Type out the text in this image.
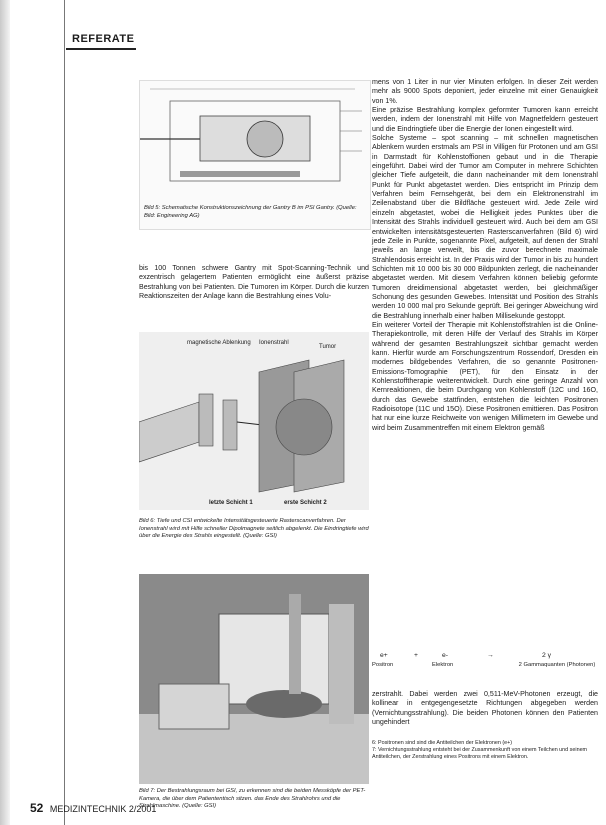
REFERATE
Bild 5: Schematische Konstruktionszeichnung der Gantry B im PSI Gantry. (Quelle: Bild: Engineering AG)

bis 100 Tonnen schwere Gantry mit Spot-Scanning-Technik und exzentrisch gelagertem Patienten ermöglicht eine äußerst präzise Bestrahlung von bei Patienten. Die Tumoren im Körper. Durch die kurzen Reaktionszeiten der Anlage kann die Bestrahlung eines Volu-

magnetische Ablenkung Ionenstrahl
Tumor
letzte Schicht 1	erste Schicht 2
Bild 6: Tiefe und CSI entwickelte Intensitätsgesteuerte Rasterscanverfahren. Der Ionenstrahl wird mit Hilfe schneller Dipolmagnete seitlich abgelenkt. Die Eindringtiefe wird über die Energie des Strahls eingestellt. (Quelle: GSI)
Bild 7: Der Bestrahlungsraum bei GSI, zu erkennen sind die beiden Messköpfe der PET-Kamera, die über dem Patiententisch sitzen. das Ende des Strahlrohrs und die Strahlmaschine. (Quelle: GSI)

mens von 1 Liter in nur vier Minuten erfolgen. In dieser Zeit werden mehr als 9000 Spots deponiert, jeder einzelne mit einer Genauigkeit von 1%.

Eine präzise Bestrahlung komplex geformter Tumoren kann erreicht werden, indem der Ionenstrahl mit Hilfe von Magnetfeldern gesteuert und die Eindringtiefe über die Energie der Ionen eingestellt wird.

Solche Systeme – spot scanning – mit schnellen magnetischen Ablenkern wurden erstmals am PSI in Villigen für Protonen und am GSI in Darmstadt für Kohlenstoffionen gebaut und in die Therapie eingeführt. Dabei wird der Tumor am Computer in mehrere Schichten gleicher Tiefe aufgeteilt, die dann nacheinander mit dem Ionenstrahl Punkt für Punkt abgetastet werden. Dies entspricht im Prinzip dem Verfahren beim Fernsehgerät, bei dem ein Elektronenstrahl im Zeilenabstand über die Bildfläche gesteuert wird. Jede Zeile wird einzeln abgetastet, wobei die Helligkeit jedes Punktes über die Intensität des Strahls individuell gesteuert wird. Auch bei dem am GSI entwickelten intensitätsgesteuerten Rasterscanverfahren (Bild 6) wird jede Zeile in Punkte, sogenannte Pixel, aufgeteilt, auf denen der Strahl jeweils an lange verweilt, bis die zuvor berechnete maximale Strahlendosis erreicht ist. In der Praxis wird der Tumor in bis zu hundert Schichten mit 10 000 bis 30 000 Bildpunkten zerlegt, die nacheinander abgetastet werden. Mit diesem Verfahren können beliebig geformte Tumoren dreidimensional abgetastet werden, bei gleichmäßiger Schonung des gesunden Gewebes. Intensität und Position des Strahls werden 10 000 mal pro Sekunde geprüft. Bei geringer Abweichung wird die Bestrahlung innerhalb einer halben Millisekunde gestoppt.

Ein weiterer Vorteil der Therapie mit Kohlenstoffstrahlen ist die Online-Therapiekontrolle, mit deren Hilfe der Verlauf des Strahls im Körper während der gesamten Bestrahlungszeit sichtbar gemacht werden kann. Hierfür wurde am Forschungszentrum Rossendorf, Dresden ein modernes bildgebendes Verfahren, die so genannte Positronen-Emissions-Tomographie (PET), für den Einsatz in der Kohlenstofftherapie weiterentwickelt. Durch eine geringe Anzahl von Kernreaktionen, die beim Durchgang von Kohlenstoff (12C und 16O, durch das Gewebe stattfinden, entstehen die leichten Positronen Radioisotope (11C und 15O). Diese Positronen emittieren. Das Positron hat nur eine kurze Reichweite von wenigen Millimetern im Gewebe und wird beim Zusammentreffen mit einem Elektron gemäß

e+	+	e-	→	2 γ
Positron	Elektron	2 Gammaquanten (Photonen)

zerstrahlt. Dabei werden zwei 0,511-MeV-Photonen erzeugt, die kollinear in entgegengesetzte Richtungen abgegeben werden (Vernichtungsstrahlung). Die beiden Photonen können den Patienten ungehindert

6: Positronen sind sind die Antiteilchen der Elektronen (e+)
7: Vernichtungsstrahlung entsteht bei der Zusammenkunft von einem Teilchen und seinem Antiteilchen, der Zerstrahlung eines Positrons mit einem Elektron.
52 MEDIZINTECHNIK 2/2001
